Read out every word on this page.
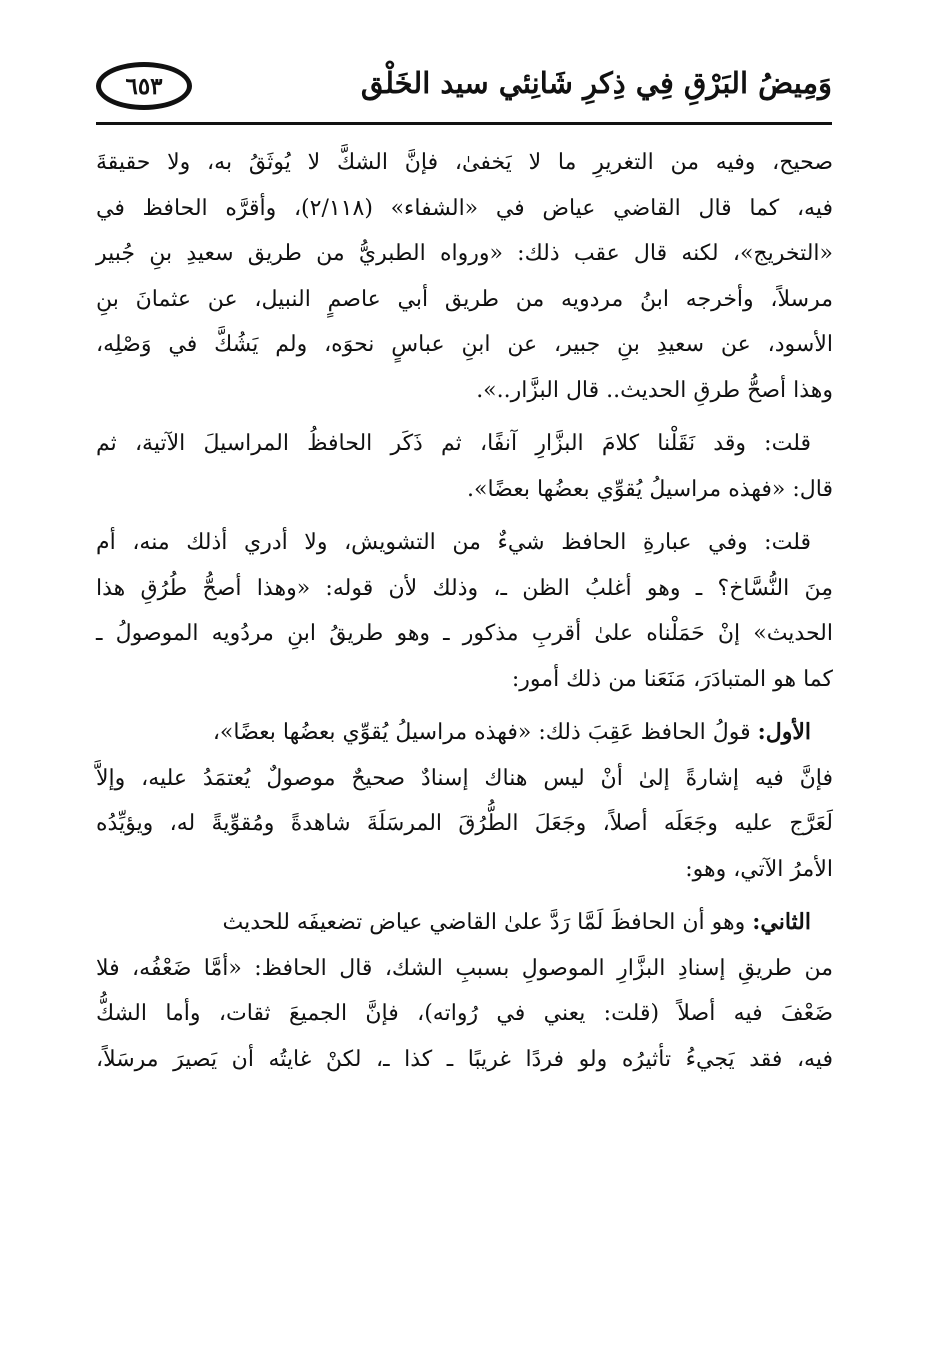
٦٥٣	وَمِيضُ البَرْقِ فِي ذِكرِ شَانِئي سيد الخَلْق
صحيح، وفيه من التغريرِ ما لا يَخفىٰ، فإنَّ الشكَّ لا يُوثَقُ به، ولا حقيقةَ
فيه، كما قال القاضي عياض في «الشفاء» (٢/١١٨)، وأقرَّه الحافظ في
«التخريج»، لكنه قال عقب ذلك: «ورواه الطبريُّ من طريق سعيدِ بنِ جُبير
مرسلاً، وأخرجه ابنُ مردويه من طريق أبي عاصمٍ النبيل، عن عثمانَ بنِ
الأسود، عن سعيدِ بنِ جبير، عن ابنِ عباسٍ نحوَه، ولم يَشُكَّ في وَصْلِه،
وهذا أصحُّ طرقِ الحديث.. قال البزَّار..».
قلت: وقد نَقَلْنا كلامَ البزَّارِ آنفًا، ثم ذَكَر الحافظُ المراسيلَ الآتية، ثم
قال: «فهذه مراسيلُ يُقوِّي بعضُها بعضًا».
قلت: وفي عبارةِ الحافظ شيءٌ من التشويش، ولا أدري أذلك منه، أم
مِنَ النُّسَّاخ؟ ـ وهو أغلبُ الظن ـ، وذلك لأن قوله: «وهذا أصحُّ طُرُقِ هذا
الحديث» إنْ حَمَلْناه علىٰ أقربِ مذكور ـ وهو طريقُ ابنِ مردُويه الموصولُ ـ
كما هو المتبادَرَ، مَنَعَنا من ذلك أمور:
الأول: قولُ الحافظ عَقِبَ ذلك: «فهذه مراسيلُ يُقوِّي بعضُها بعضًا»،
فإنَّ فيه إشارةً إلىٰ أنْ ليس هناك إسنادٌ صحيحٌ موصولٌ يُعتمَدُ عليه، وإلاَّ
لَعَرَّج عليه وجَعَلَه أصلاً، وجَعَلَ الطُّرُقَ المرسَلَةَ شاهدةً ومُقوِّيةً له، ويؤيِّدُه
الأمرُ الآتي، وهو:
الثاني: وهو أن الحافظَ لَمَّا رَدَّ علىٰ القاضي عياض تضعيفَه للحديث
من طريقِ إسنادِ البزَّارِ الموصولِ بسببِ الشك، قال الحافظ: «أمَّا ضَعْفُه، فلا
ضَعْفَ فيه أصلاً (قلت: يعني في رُواته)، فإنَّ الجميعَ ثقات، وأما الشكُّ
فيه، فقد يَجيءُ تأثيرُه ولو فردًا غريبًا ـ كذا ـ، لكنْ غايتُه أن يَصيرَ مرسَلاً،
